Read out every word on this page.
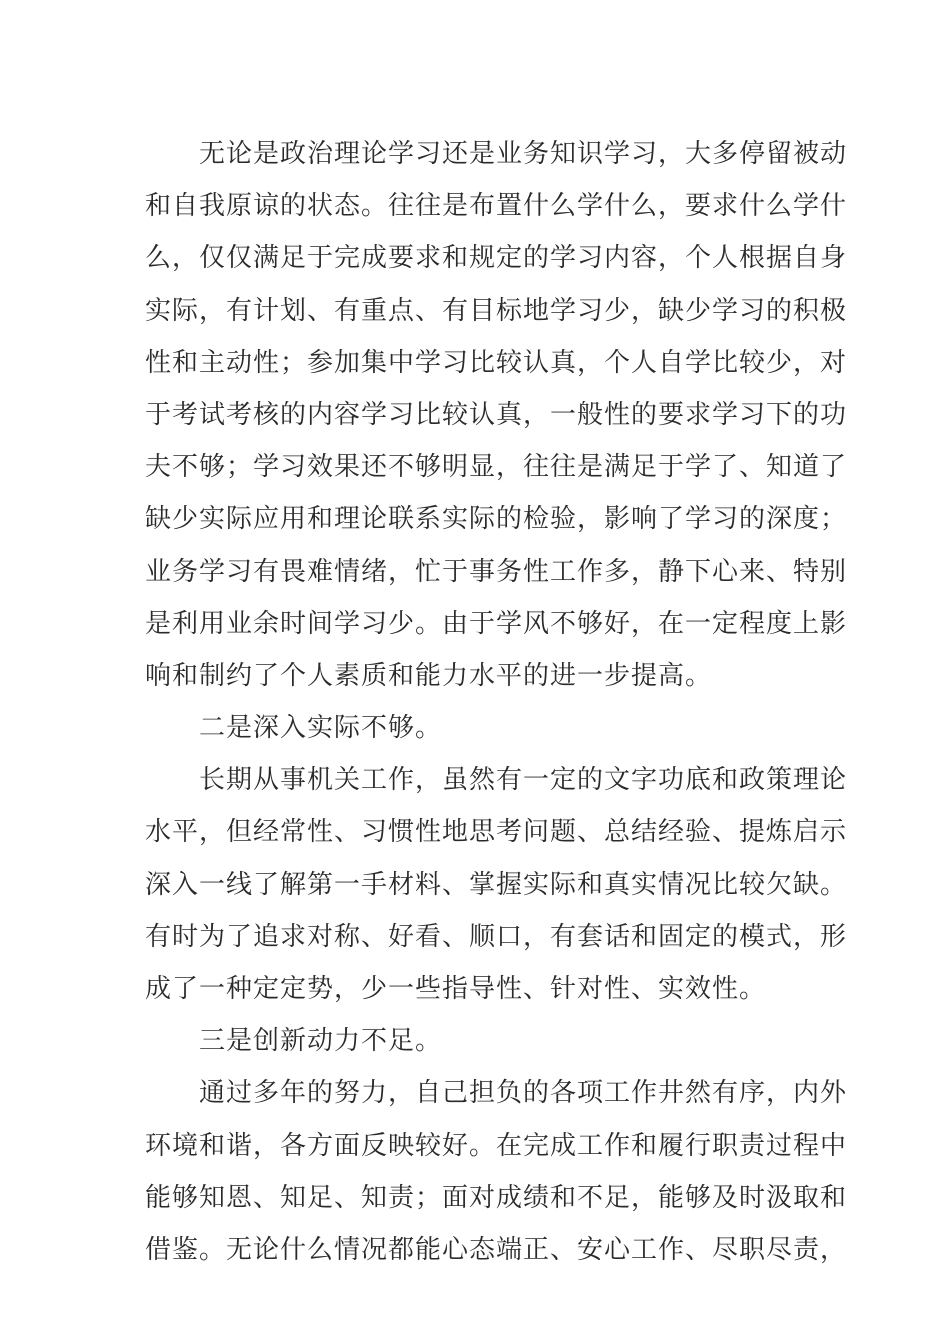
无论是政治理论学习还是业务知识学习，大多停留被动
和自我原谅的状态。往往是布置什么学什么，要求什么学什
么，仅仅满足于完成要求和规定的学习内容，个人根据自身
实际，有计划、有重点、有目标地学习少，缺少学习的积极
性和主动性；参加集中学习比较认真，个人自学比较少，对
于考试考核的内容学习比较认真，一般性的要求学习下的功
夫不够；学习效果还不够明显，往往是满足于学了、知道了
缺少实际应用和理论联系实际的检验，影响了学习的深度；
业务学习有畏难情绪，忙于事务性工作多，静下心来、特别
是利用业余时间学习少。由于学风不够好，在一定程度上影
响和制约了个人素质和能力水平的进一步提高。
二是深入实际不够。
长期从事机关工作，虽然有一定的文字功底和政策理论
水平，但经常性、习惯性地思考问题、总结经验、提炼启示
深入一线了解第一手材料、掌握实际和真实情况比较欠缺。
有时为了追求对称、好看、顺口，有套话和固定的模式，形
成了一种定定势，少一些指导性、针对性、实效性。
三是创新动力不足。
通过多年的努力，自己担负的各项工作井然有序，内外
环境和谐，各方面反映较好。在完成工作和履行职责过程中
能够知恩、知足、知责；面对成绩和不足，能够及时汲取和
借鉴。无论什么情况都能心态端正、安心工作、尽职尽责，
